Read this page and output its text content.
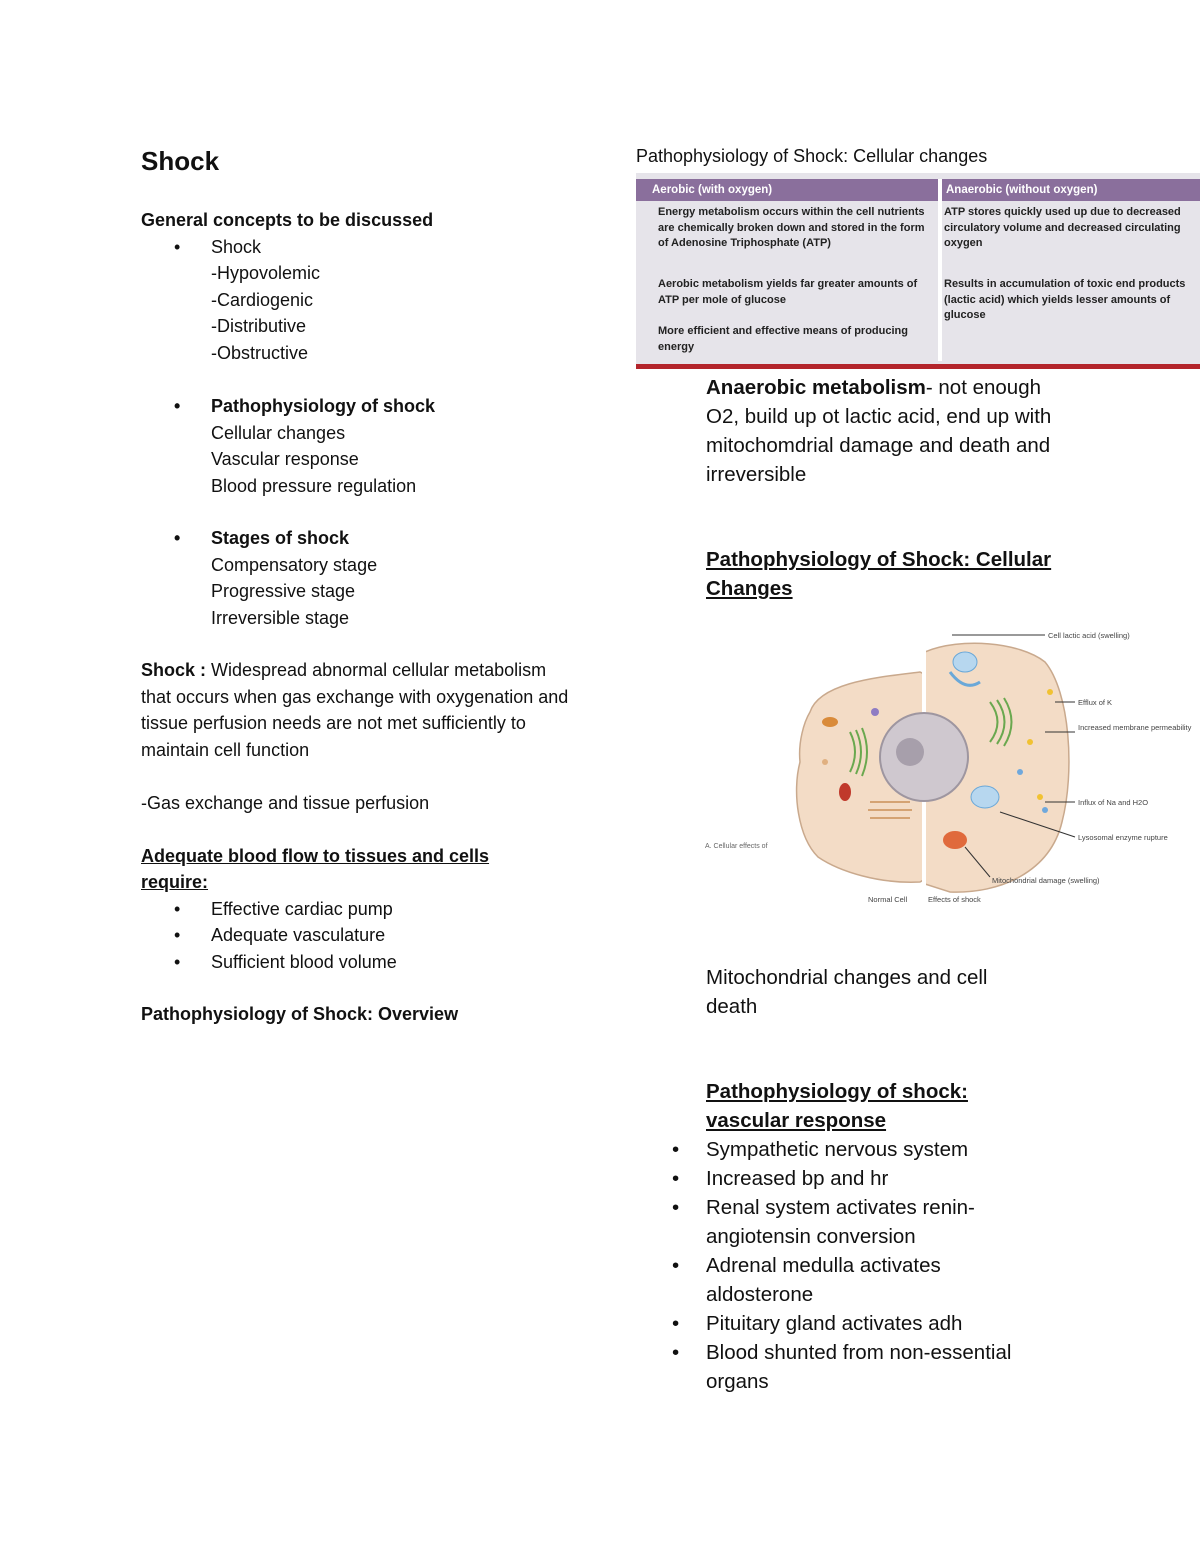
Shock
General concepts to be discussed
• Shock
-Hypovolemic
-Cardiogenic
-Distributive
-Obstructive
• Pathophysiology of shock
Cellular changes
Vascular response
Blood pressure regulation
• Stages of shock
Compensatory stage
Progressive stage
Irreversible stage
Shock : Widespread abnormal cellular metabolism that occurs when gas exchange with oxygenation and tissue perfusion needs are not met sufficiently to maintain cell function
-Gas exchange and tissue perfusion
Adequate blood flow to tissues and cells require:
• Effective cardiac pump
• Adequate vasculature
• Sufficient blood volume
Pathophysiology of Shock: Overview
Pathophysiology of Shock: Cellular changes
Aerobic (with oxygen)	Anaerobic (without oxygen)
Energy metabolism occurs within the cell nutrients are chemically broken down and stored in the form of Adenosine Triphosphate (ATP)
Aerobic metabolism yields far greater amounts of ATP per mole of glucose
More efficient and effective means of producing energy
ATP stores quickly used up due to decreased circulatory volume and decreased circulating oxygen
Results in accumulation of toxic end products (lactic acid) which yields lesser amounts of glucose
Anaerobic metabolism- not enough O2, build up ot lactic acid, end up with mitochomdrial damage and death and irreversible
Pathophysiology of Shock: Cellular Changes
Cell lactic acid (swelling)
Efflux of K
Increased membrane permeability
Influx of Na and H2O
Lysosomal enzyme rupture
Mitochondrial damage (swelling)
A. Cellular effects of
Normal Cell	Effects of shock
Mitochondrial changes and cell death
Pathophysiology of shock: vascular response
• Sympathetic nervous system
• Increased bp and hr
• Renal system activates renin-angiotensin conversion
• Adrenal medulla activates aldosterone
• Pituitary gland activates adh
• Blood shunted from non-essential organs
